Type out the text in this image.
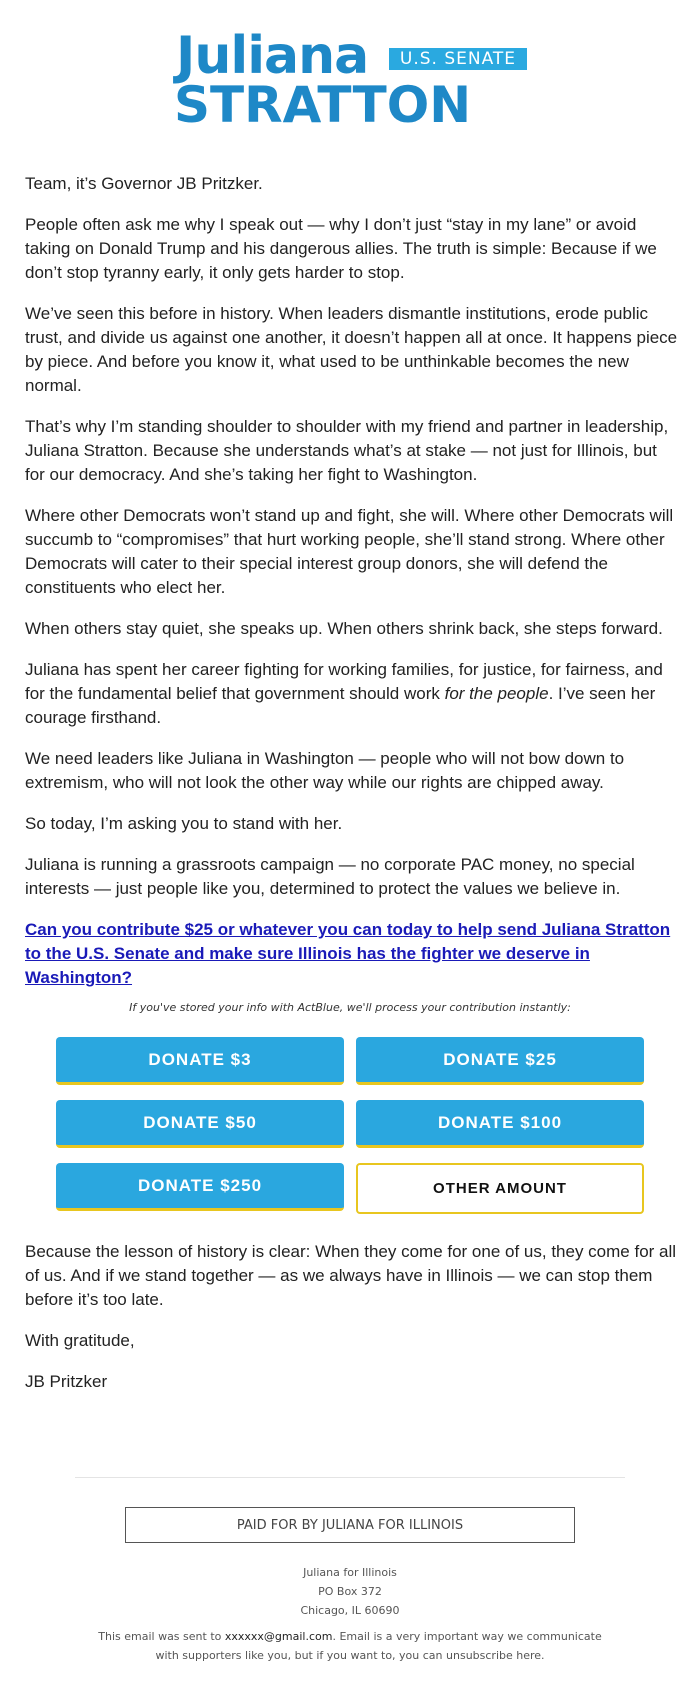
Juliana	U.S. SENATE
STRATTON

Team, it’s Governor JB Pritzker.

People often ask me why I speak out — why I don’t just “stay in my lane” or avoid taking on Donald Trump and his dangerous allies. The truth is simple: Because if we don’t stop tyranny early, it only gets harder to stop.

We’ve seen this before in history. When leaders dismantle institutions, erode public trust, and divide us against one another, it doesn’t happen all at once. It happens piece by piece. And before you know it, what used to be unthinkable becomes the new normal.

That’s why I’m standing shoulder to shoulder with my friend and partner in leadership, Juliana Stratton. Because she understands what’s at stake — not just for Illinois, but for our democracy. And she’s taking her fight to Washington.

Where other Democrats won’t stand up and fight, she will. Where other Democrats will succumb to “compromises” that hurt working people, she’ll stand strong. Where other Democrats will cater to their special interest group donors, she will defend the constituents who elect her.

When others stay quiet, she speaks up. When others shrink back, she steps forward.

Juliana has spent her career fighting for working families, for justice, for fairness, and for the fundamental belief that government should work for the people. I’ve seen her courage firsthand.

We need leaders like Juliana in Washington — people who will not bow down to extremism, who will not look the other way while our rights are chipped away.

So today, I’m asking you to stand with her.

Juliana is running a grassroots campaign — no corporate PAC money, no special interests — just people like you, determined to protect the values we believe in.

Can you contribute $25 or whatever you can today to help send Juliana Stratton to the U.S. Senate and make sure Illinois has the fighter we deserve in Washington?

If you've stored your info with ActBlue, we'll process your contribution instantly:
DONATE $3	DONATE $25
DONATE $50	DONATE $100
DONATE $250	OTHER AMOUNT

Because the lesson of history is clear: When they come for one of us, they come for all of us. And if we stand together — as we always have in Illinois — we can stop them before it’s too late.

With gratitude,

JB Pritzker

PAID FOR BY JULIANA FOR ILLINOIS
Juliana for Illinois
PO Box 372
Chicago, IL 60690
This email was sent to xxxxxx@gmail.com. Email is a very important way we communicate with supporters like you, but if you want to, you can unsubscribe here.
